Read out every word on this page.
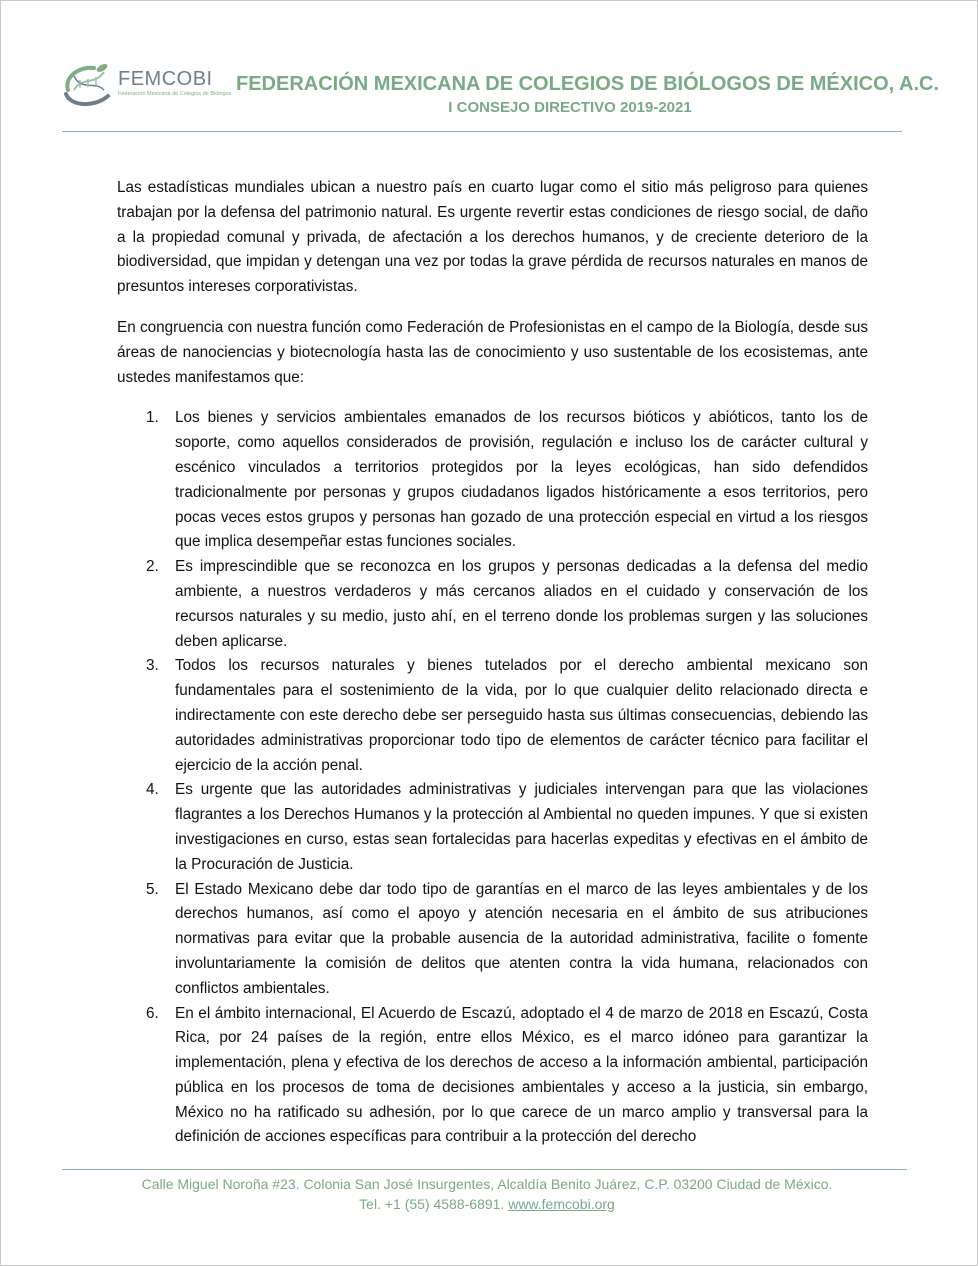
FEMCOBI
Federación Mexicana de Colegios de Biólogos FEDERACIÓN MEXICANA DE COLEGIOS DE BIÓLOGOS DE MÉXICO, A.C.
I CONSEJO DIRECTIVO 2019-2021

Las estadísticas mundiales ubican a nuestro país en cuarto lugar como el sitio más peligroso para quienes trabajan por la defensa del patrimonio natural. Es urgente revertir estas condiciones de riesgo social, de daño a la propiedad comunal y privada, de afectación a los derechos humanos, y de creciente deterioro de la biodiversidad, que impidan y detengan una vez por todas la grave pérdida de recursos naturales en manos de presuntos intereses corporativistas.

En congruencia con nuestra función como Federación de Profesionistas en el campo de la Biología, desde sus áreas de nanociencias y biotecnología hasta las de conocimiento y uso sustentable de los ecosistemas, ante ustedes manifestamos que:

1. Los bienes y servicios ambientales emanados de los recursos bióticos y abióticos, tanto los de soporte, como aquellos considerados de provisión, regulación e incluso los de carácter cultural y escénico vinculados a territorios protegidos por la leyes ecológicas, han sido defendidos tradicionalmente por personas y grupos ciudadanos ligados históricamente a esos territorios, pero pocas veces estos grupos y personas han gozado de una protección especial en virtud a los riesgos que implica desempeñar estas funciones sociales.
2. Es imprescindible que se reconozca en los grupos y personas dedicadas a la defensa del medio ambiente, a nuestros verdaderos y más cercanos aliados en el cuidado y conservación de los recursos naturales y su medio, justo ahí, en el terreno donde los problemas surgen y las soluciones deben aplicarse.
3. Todos los recursos naturales y bienes tutelados por el derecho ambiental mexicano son fundamentales para el sostenimiento de la vida, por lo que cualquier delito relacionado directa e indirectamente con este derecho debe ser perseguido hasta sus últimas consecuencias, debiendo las autoridades administrativas proporcionar todo tipo de elementos de carácter técnico para facilitar el ejercicio de la acción penal.
4. Es urgente que las autoridades administrativas y judiciales intervengan para que las violaciones flagrantes a los Derechos Humanos y la protección al Ambiental no queden impunes. Y que si existen investigaciones en curso, estas sean fortalecidas para hacerlas expeditas y efectivas en el ámbito de la Procuración de Justicia.
5. El Estado Mexicano debe dar todo tipo de garantías en el marco de las leyes ambientales y de los derechos humanos, así como el apoyo y atención necesaria en el ámbito de sus atribuciones normativas para evitar que la probable ausencia de la autoridad administrativa, facilite o fomente involuntariamente la comisión de delitos que atenten contra la vida humana, relacionados con conflictos ambientales.
6. En el ámbito internacional, El Acuerdo de Escazú, adoptado el 4 de marzo de 2018 en Escazú, Costa Rica, por 24 países de la región, entre ellos México, es el marco idóneo para garantizar la implementación, plena y efectiva de los derechos de acceso a la información ambiental, participación pública en los procesos de toma de decisiones ambientales y acceso a la justicia, sin embargo, México no ha ratificado su adhesión, por lo que carece de un marco amplio y transversal para la definición de acciones específicas para contribuir a la protección del derecho
Calle Miguel Noroña #23. Colonia San José Insurgentes, Alcaldía Benito Juárez, C.P. 03200 Ciudad de México.
Tel. +1 (55) 4588-6891. www.femcobi.org
